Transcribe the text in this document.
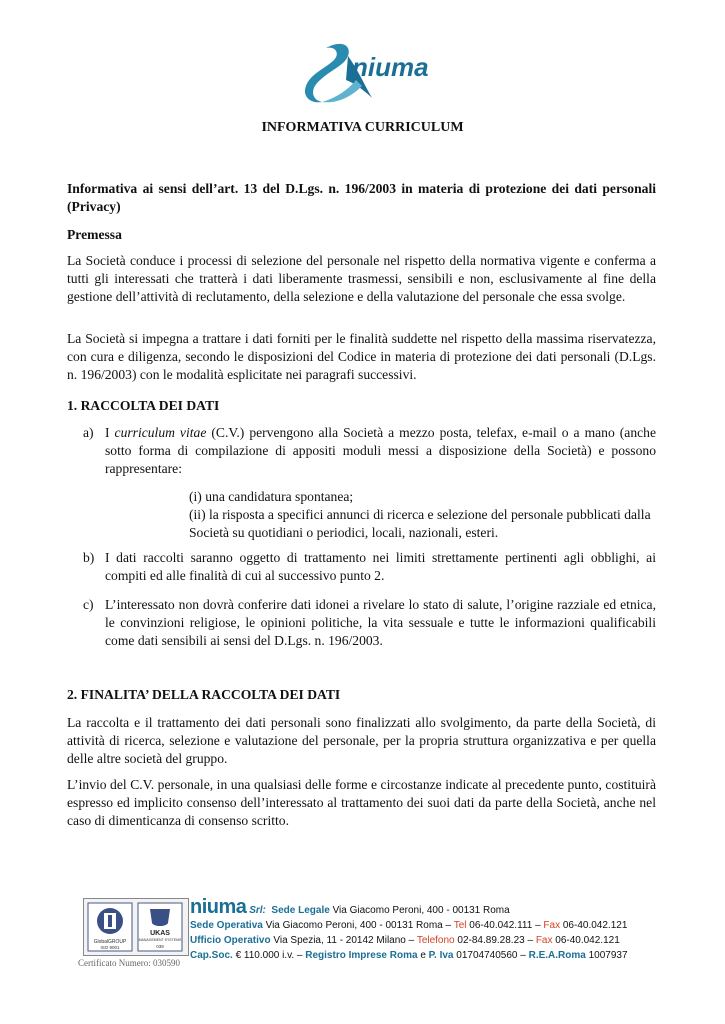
niuma
INFORMATIVA CURRICULUM
Informativa ai sensi dell’art. 13 del D.Lgs. n. 196/2003 in materia di protezione dei dati personali (Privacy)
Premessa
La Società conduce i processi di selezione del personale nel rispetto della normativa vigente e conferma a tutti gli interessati che tratterà i dati liberamente trasmessi, sensibili e non, esclusivamente al fine della gestione dell’attività di reclutamento, della selezione e della valutazione del personale che essa svolge.
La Società si impegna a trattare i dati forniti per le finalità suddette nel rispetto della massima riservatezza, con cura e diligenza, secondo le disposizioni del Codice in materia di protezione dei dati personali (D.Lgs. n. 196/2003) con le modalità esplicitate nei paragrafi successivi.
1. RACCOLTA DEI DATI
a) I curriculum vitae (C.V.) pervengono alla Società a mezzo posta, telefax, e-mail o a mano (anche sotto forma di compilazione di appositi moduli messi a disposizione della Società) e possono rappresentare:
(i) una candidatura spontanea;
(ii) la risposta a specifici annunci di ricerca e selezione del personale pubblicati dalla Società su quotidiani o periodici, locali, nazionali, esteri.
b) I dati raccolti saranno oggetto di trattamento nei limiti strettamente pertinenti agli obblighi, ai compiti ed alle finalità di cui al successivo punto 2.
c) L’interessato non dovrà conferire dati idonei a rivelare lo stato di salute, l’origine razziale ed etnica, le convinzioni religiose, le opinioni politiche, la vita sessuale e tutte le informazioni qualificabili come dati sensibili ai sensi del D.Lgs. n. 196/2003.
2. FINALITA’ DELLA RACCOLTA DEI DATI
La raccolta e il trattamento dei dati personali sono finalizzati allo svolgimento, da parte della Società, di attività di ricerca, selezione e valutazione del personale, per la propria struttura organizzativa e per quella delle altre società del gruppo.
L’invio del C.V. personale, in una qualsiasi delle forme e circostanze indicate al precedente punto, costituirà espresso ed implicito consenso dell’interessato al trattamento dei suoi dati da parte della Società, anche nel caso di dimenticanza di consenso scritto.
GlobalGROUP
ISO 9001
UKAS
MANAGEMENT SYSTEMS
039
Certificato Numero: 030590
niuma Srl: Sede Legale Via Giacomo Peroni, 400 - 00131 Roma
Sede Operativa Via Giacomo Peroni, 400 - 00131 Roma – Tel 06-40.042.111 – Fax 06-40.042.121
Ufficio Operativo Via Spezia, 11 - 20142 Milano – Telefono 02-84.89.28.23 – Fax 06-40.042.121
Cap.Soc. € 110.000 i.v. – Registro Imprese Roma e P. Iva 01704740560 – R.E.A.Roma 1007937
